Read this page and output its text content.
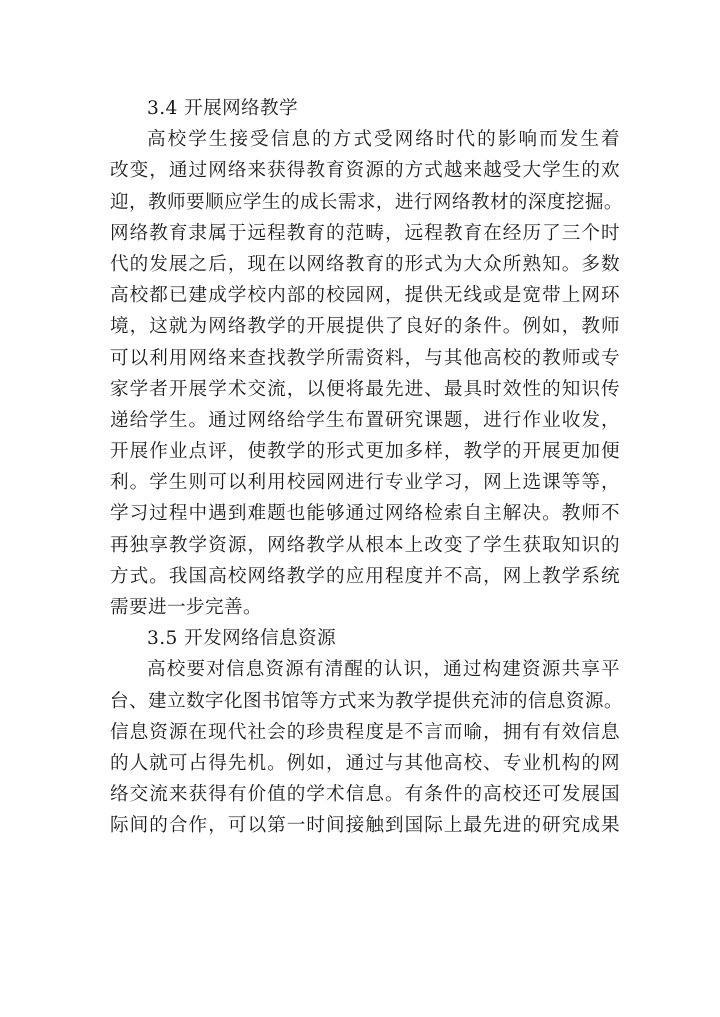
3.4 开展网络教学
高校学生接受信息的方式受网络时代的影响而发生着
改变，通过网络来获得教育资源的方式越来越受大学生的欢
迎，教师要顺应学生的成长需求，进行网络教材的深度挖掘。
网络教育隶属于远程教育的范畴，远程教育在经历了三个时
代的发展之后，现在以网络教育的形式为大众所熟知。多数
高校都已建成学校内部的校园网，提供无线或是宽带上网环
境，这就为网络教学的开展提供了良好的条件。例如，教师
可以利用网络来查找教学所需资料，与其他高校的教师或专
家学者开展学术交流，以便将最先进、最具时效性的知识传
递给学生。通过网络给学生布置研究课题，进行作业收发，
开展作业点评，使教学的形式更加多样，教学的开展更加便
利。学生则可以利用校园网进行专业学习，网上选课等等，
学习过程中遇到难题也能够通过网络检索自主解决。教师不
再独享教学资源，网络教学从根本上改变了学生获取知识的
方式。我国高校网络教学的应用程度并不高，网上教学系统
需要进一步完善。
3.5 开发网络信息资源
高校要对信息资源有清醒的认识，通过构建资源共享平
台、建立数字化图书馆等方式来为教学提供充沛的信息资源。
信息资源在现代社会的珍贵程度是不言而喻，拥有有效信息
的人就可占得先机。例如，通过与其他高校、专业机构的网
络交流来获得有价值的学术信息。有条件的高校还可发展国
际间的合作，可以第一时间接触到国际上最先进的研究成果
